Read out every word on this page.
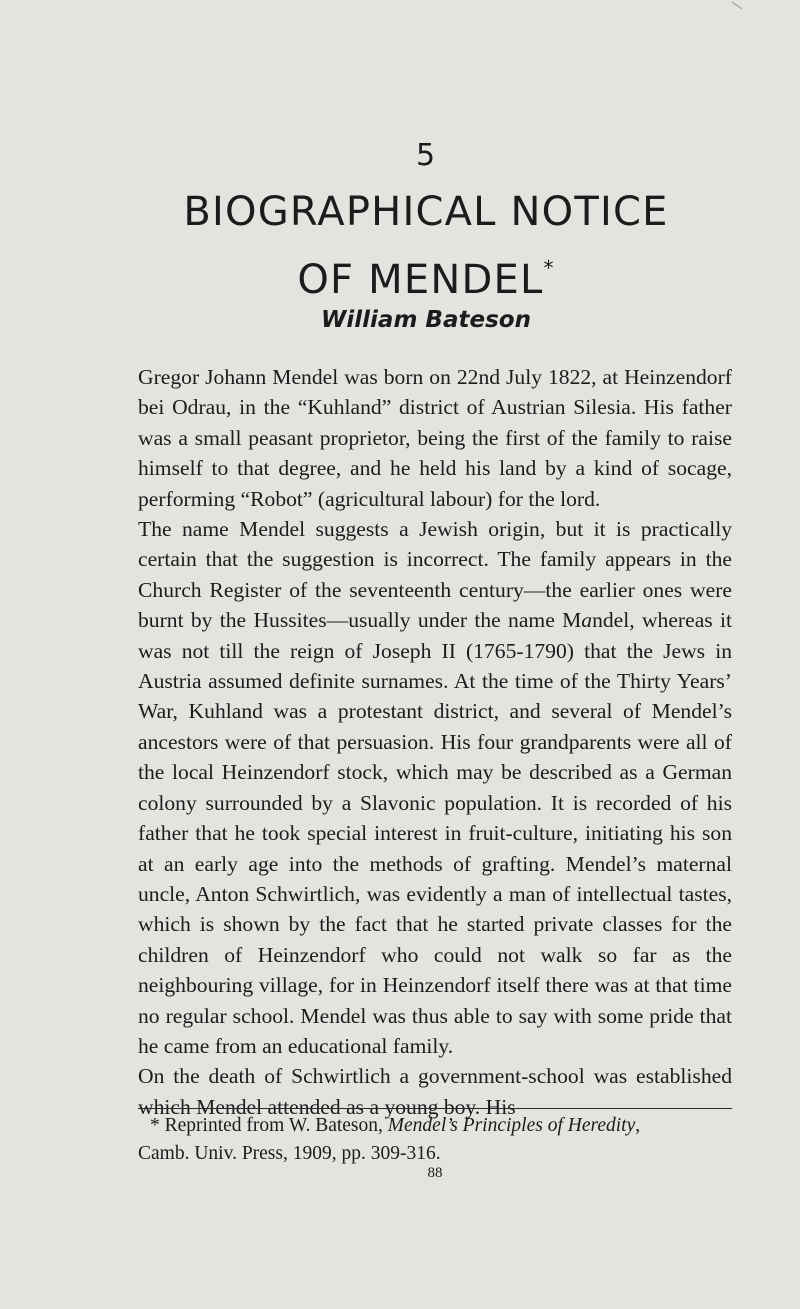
5
BIOGRAPHICAL NOTICE
OF MENDEL*
William Bateson

Gregor Johann Mendel was born on 22nd July 1822, at Heinzendorf bei Odrau, in the “Kuhland” district of Austrian Silesia. His father was a small peasant proprietor, being the first of the family to raise himself to that degree, and he held his land by a kind of socage, performing “Robot” (agricultural labour) for the lord.

The name Mendel suggests a Jewish origin, but it is practically certain that the suggestion is incorrect. The family appears in the Church Register of the seventeenth century—the earlier ones were burnt by the Hussites—usually under the name Mandel, whereas it was not till the reign of Joseph II (1765-1790) that the Jews in Austria assumed definite surnames. At the time of the Thirty Years’ War, Kuhland was a protestant district, and several of Mendel’s ancestors were of that persuasion. His four grandparents were all of the local Heinzendorf stock, which may be described as a German colony surrounded by a Slavonic population. It is recorded of his father that he took special interest in fruit-culture, initiating his son at an early age into the methods of grafting. Mendel’s maternal uncle, Anton Schwirtlich, was evidently a man of intellectual tastes, which is shown by the fact that he started private classes for the children of Heinzendorf who could not walk so far as the neighbouring village, for in Heinzendorf itself there was at that time no regular school. Mendel was thus able to say with some pride that he came from an educational family.

On the death of Schwirtlich a government-school was established which Mendel attended as a young boy. His

* Reprinted from W. Bateson, Mendel’s Principles of Heredity,
Camb. Univ. Press, 1909, pp. 309-316.
88
